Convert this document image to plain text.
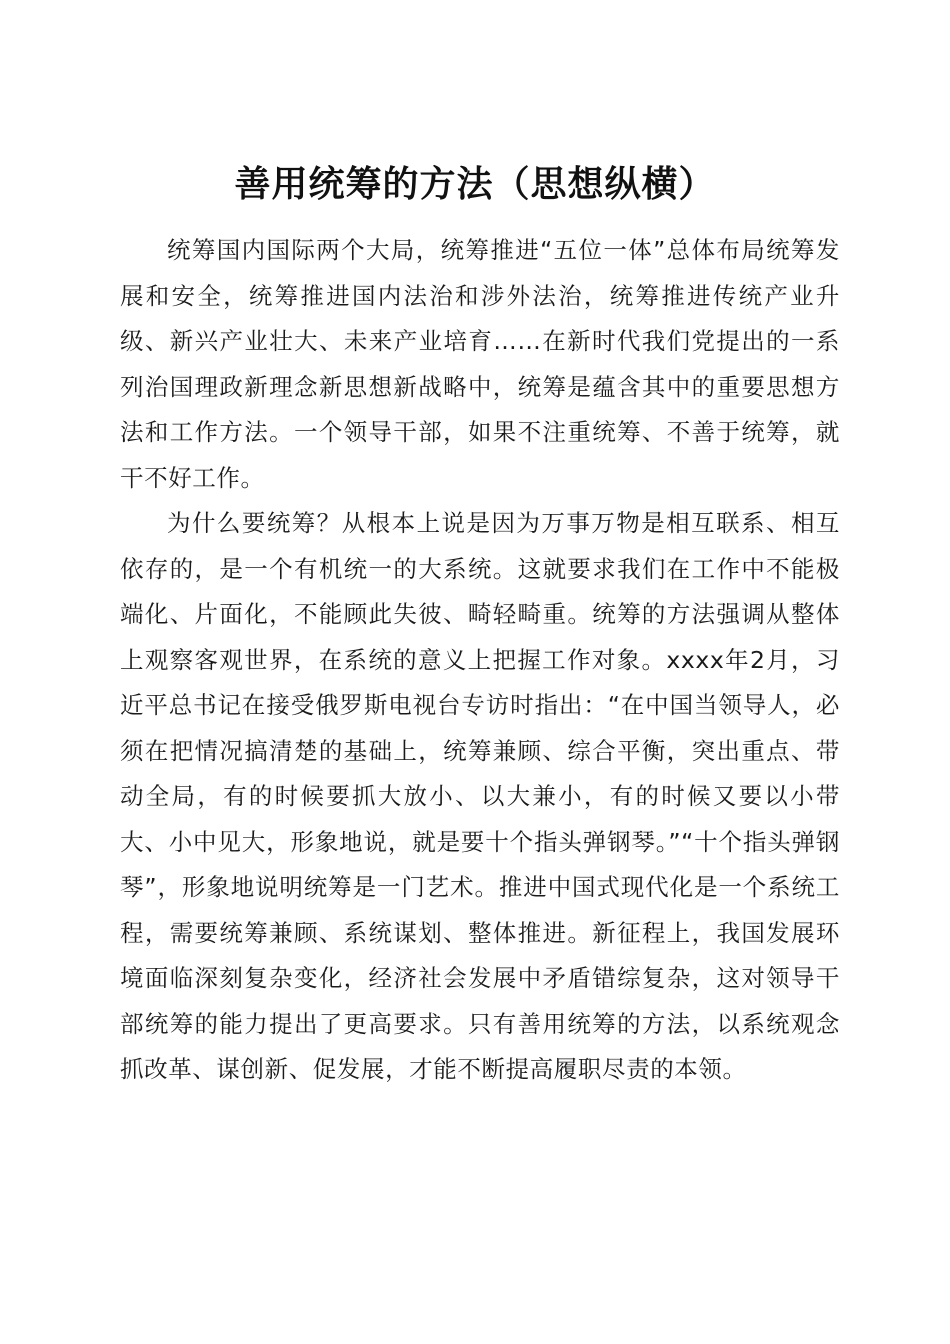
善用统筹的方法（思想纵横）

统筹国内国际两个大局，统筹推进“五位一体”总体布局统筹发展和安全，统筹推进国内法治和涉外法治，统筹推进传统产业升级、新兴产业壮大、未来产业培育……在新时代我们党提出的一系列治国理政新理念新思想新战略中，统筹是蕴含其中的重要思想方法和工作方法。一个领导干部，如果不注重统筹、不善于统筹，就干不好工作。

为什么要统筹？从根本上说是因为万事万物是相互联系、相互依存的，是一个有机统一的大系统。这就要求我们在工作中不能极端化、片面化，不能顾此失彼、畸轻畸重。统筹的方法强调从整体上观察客观世界，在系统的意义上把握工作对象。xxxx年2月，习近平总书记在接受俄罗斯电视台专访时指出：“在中国当领导人，必须在把情况搞清楚的基础上，统筹兼顾、综合平衡，突出重点、带动全局，有的时候要抓大放小、以大兼小，有的时候又要以小带大、小中见大，形象地说，就是要十个指头弹钢琴。”“十个指头弹钢琴”，形象地说明统筹是一门艺术。推进中国式现代化是一个系统工程，需要统筹兼顾、系统谋划、整体推进。新征程上，我国发展环境面临深刻复杂变化，经济社会发展中矛盾错综复杂，这对领导干部统筹的能力提出了更高要求。只有善用统筹的方法，以系统观念抓改革、谋创新、促发展，才能不断提高履职尽责的本领。
